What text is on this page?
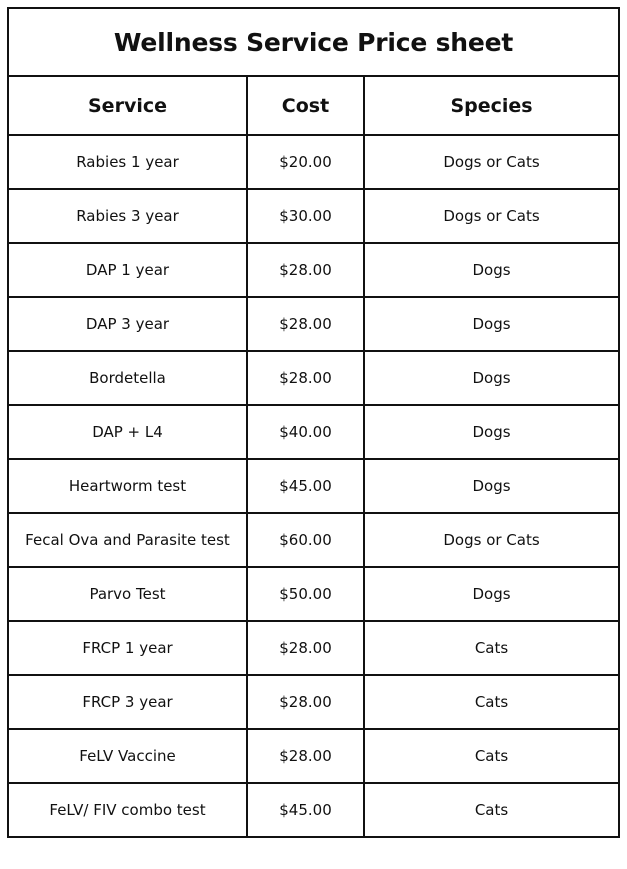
Wellness Service Price sheet		
Service	Cost	Species
Rabies 1 year	$20.00	Dogs or Cats
Rabies 3 year	$30.00	Dogs or Cats
DAP 1 year	$28.00	Dogs
DAP 3 year	$28.00	Dogs
Bordetella	$28.00	Dogs
DAP + L4	$40.00	Dogs
Heartworm test	$45.00	Dogs
Fecal Ova and Parasite test	$60.00	Dogs or Cats
Parvo Test	$50.00	Dogs
FRCP 1 year	$28.00	Cats
FRCP 3 year	$28.00	Cats
FeLV Vaccine	$28.00	Cats
FeLV/ FIV combo test	$45.00	Cats
